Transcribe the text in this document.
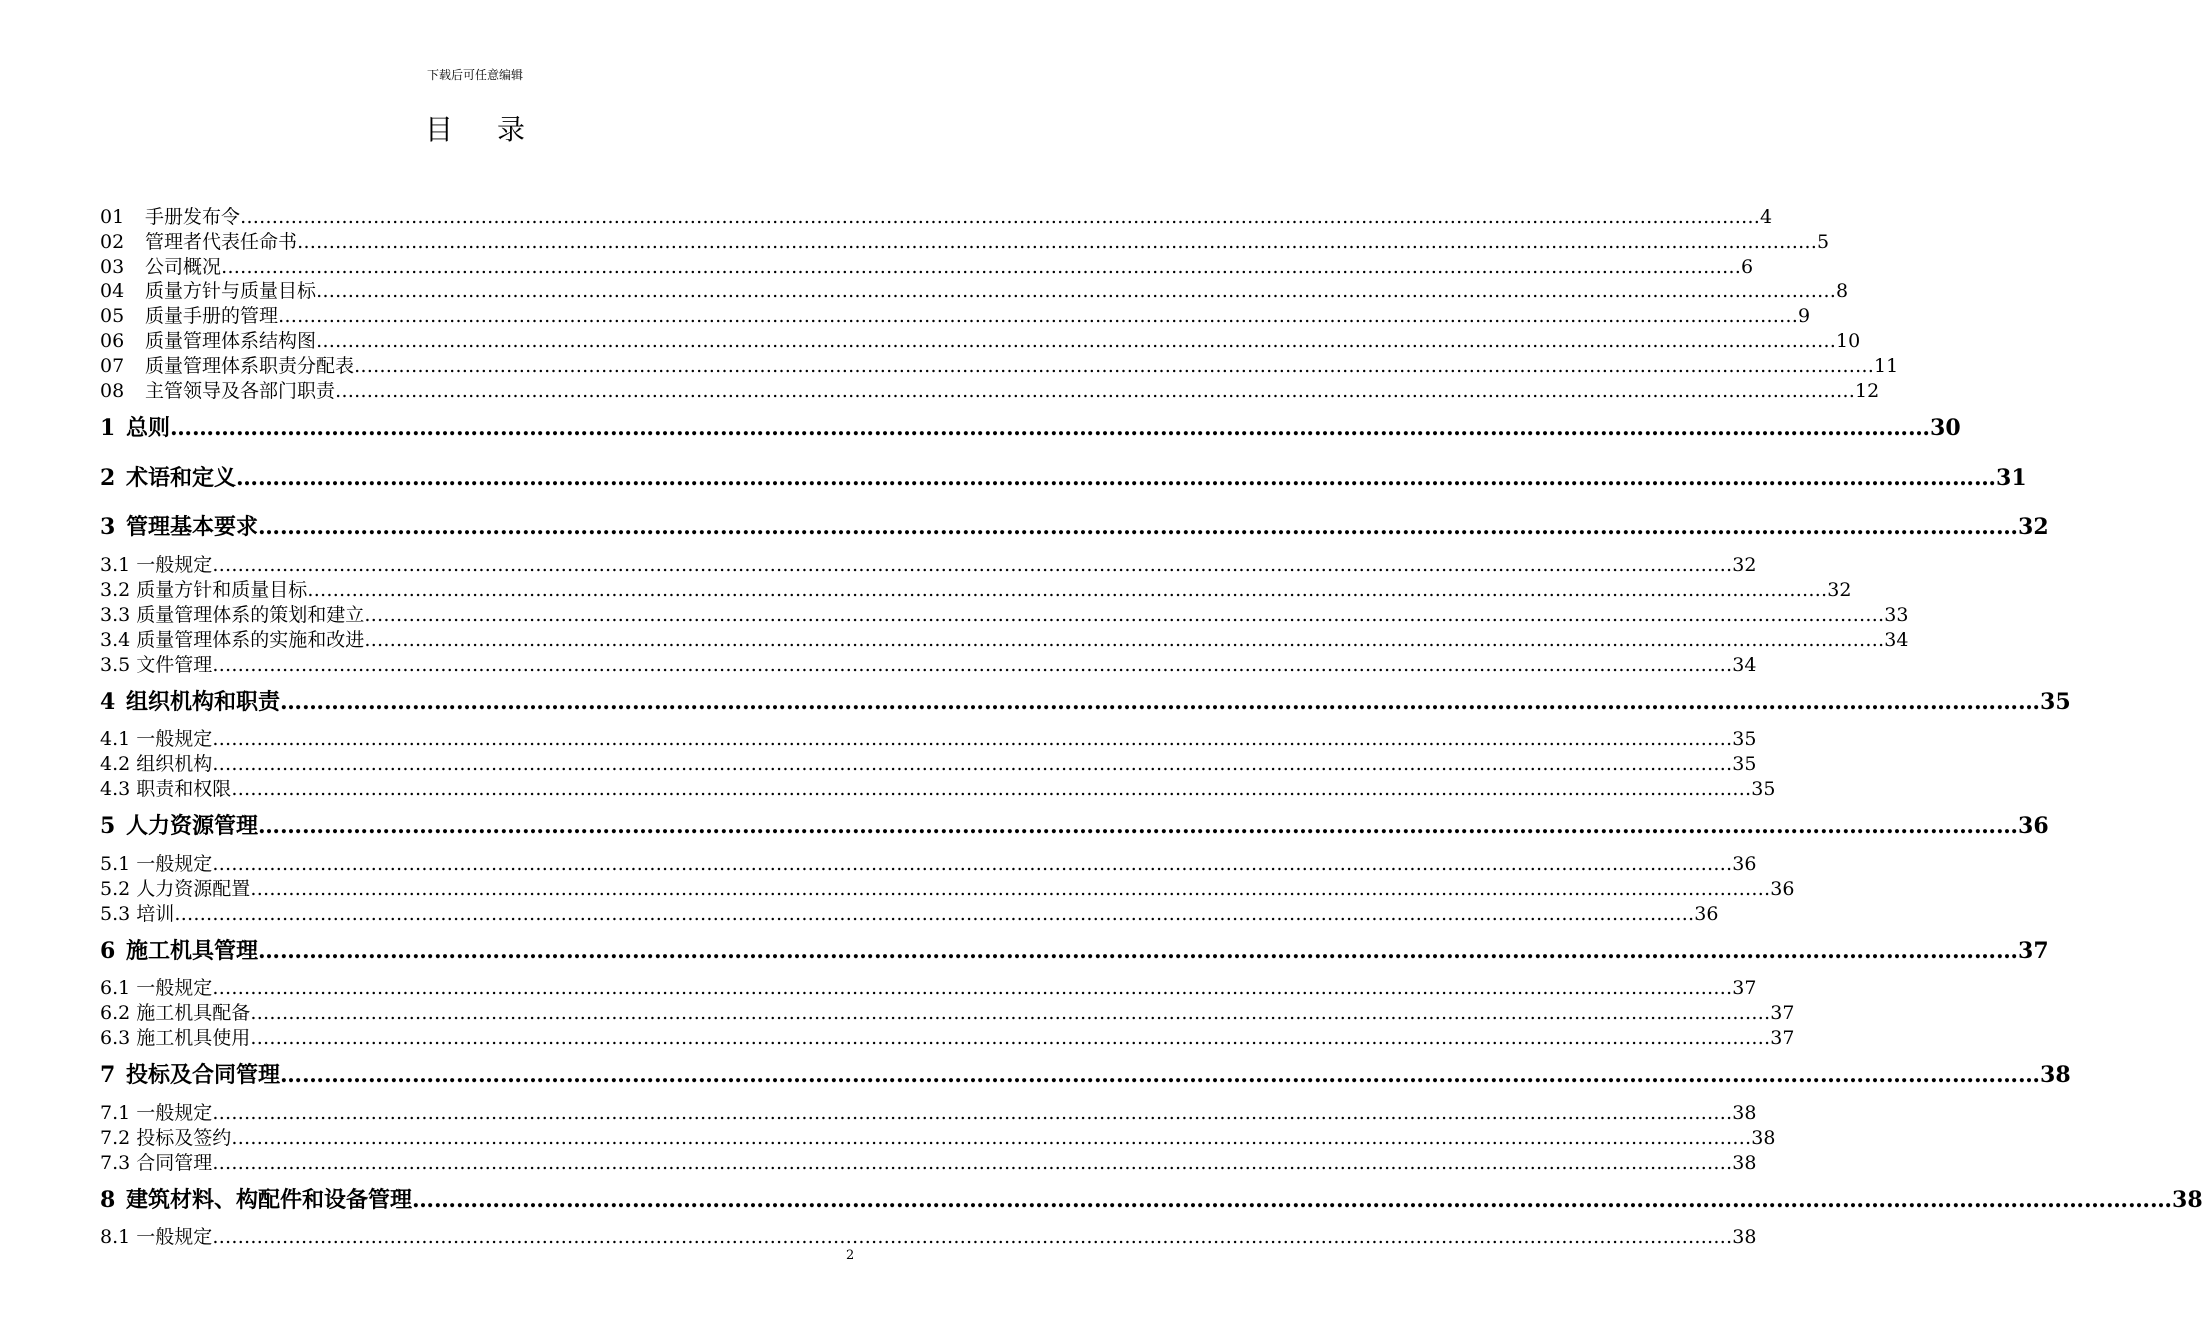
下载后可任意编辑
目录
01 手册发布令 …………………………………………………………………………………………………………………………………………………………………………………………………………………… 4
02 管理者代表任命书 …………………………………………………………………………………………………………………………………………………………………………………………………………………… 5
03 公司概况 …………………………………………………………………………………………………………………………………………………………………………………………………………………… 6
04 质量方针与质量目标 …………………………………………………………………………………………………………………………………………………………………………………………………………………… 8
05 质量手册的管理 …………………………………………………………………………………………………………………………………………………………………………………………………………………… 9
06 质量管理体系结构图 …………………………………………………………………………………………………………………………………………………………………………………………………………………… 10
07 质量管理体系职责分配表 …………………………………………………………………………………………………………………………………………………………………………………………………………………… 11
08 主管领导及各部门职责 …………………………………………………………………………………………………………………………………………………………………………………………………………………… 12
1 总则 …………………………………………………………………………………………………………………………………………………………………………………………………………………… 30
2 术语和定义 …………………………………………………………………………………………………………………………………………………………………………………………………………………… 31
3 管理基本要求 …………………………………………………………………………………………………………………………………………………………………………………………………………………… 32
3.1 一般规定 …………………………………………………………………………………………………………………………………………………………………………………………………………………… 32
3.2 质量方针和质量目标 …………………………………………………………………………………………………………………………………………………………………………………………………………………… 32
3.3 质量管理体系的策划和建立 …………………………………………………………………………………………………………………………………………………………………………………………………………………… 33
3.4 质量管理体系的实施和改进 …………………………………………………………………………………………………………………………………………………………………………………………………………………… 34
3.5 文件管理 …………………………………………………………………………………………………………………………………………………………………………………………………………………… 34
4 组织机构和职责 …………………………………………………………………………………………………………………………………………………………………………………………………………………… 35
4.1 一般规定 …………………………………………………………………………………………………………………………………………………………………………………………………………………… 35
4.2 组织机构 …………………………………………………………………………………………………………………………………………………………………………………………………………………… 35
4.3 职责和权限 …………………………………………………………………………………………………………………………………………………………………………………………………………………… 35
5 人力资源管理 …………………………………………………………………………………………………………………………………………………………………………………………………………………… 36
5.1 一般规定 …………………………………………………………………………………………………………………………………………………………………………………………………………………… 36
5.2 人力资源配置 …………………………………………………………………………………………………………………………………………………………………………………………………………………… 36
5.3 培训 …………………………………………………………………………………………………………………………………………………………………………………………………………………… 36
6 施工机具管理 …………………………………………………………………………………………………………………………………………………………………………………………………………………… 37
6.1 一般规定 …………………………………………………………………………………………………………………………………………………………………………………………………………………… 37
6.2 施工机具配备 …………………………………………………………………………………………………………………………………………………………………………………………………………………… 37
6.3 施工机具使用 …………………………………………………………………………………………………………………………………………………………………………………………………………………… 37
7 投标及合同管理 …………………………………………………………………………………………………………………………………………………………………………………………………………………… 38
7.1 一般规定 …………………………………………………………………………………………………………………………………………………………………………………………………………………… 38
7.2 投标及签约 …………………………………………………………………………………………………………………………………………………………………………………………………………………… 38
7.3 合同管理 …………………………………………………………………………………………………………………………………………………………………………………………………………………… 38
8 建筑材料、构配件和设备管理 …………………………………………………………………………………………………………………………………………………………………………………………………………………… 38
8.1 一般规定 …………………………………………………………………………………………………………………………………………………………………………………………………………………… 38
2
